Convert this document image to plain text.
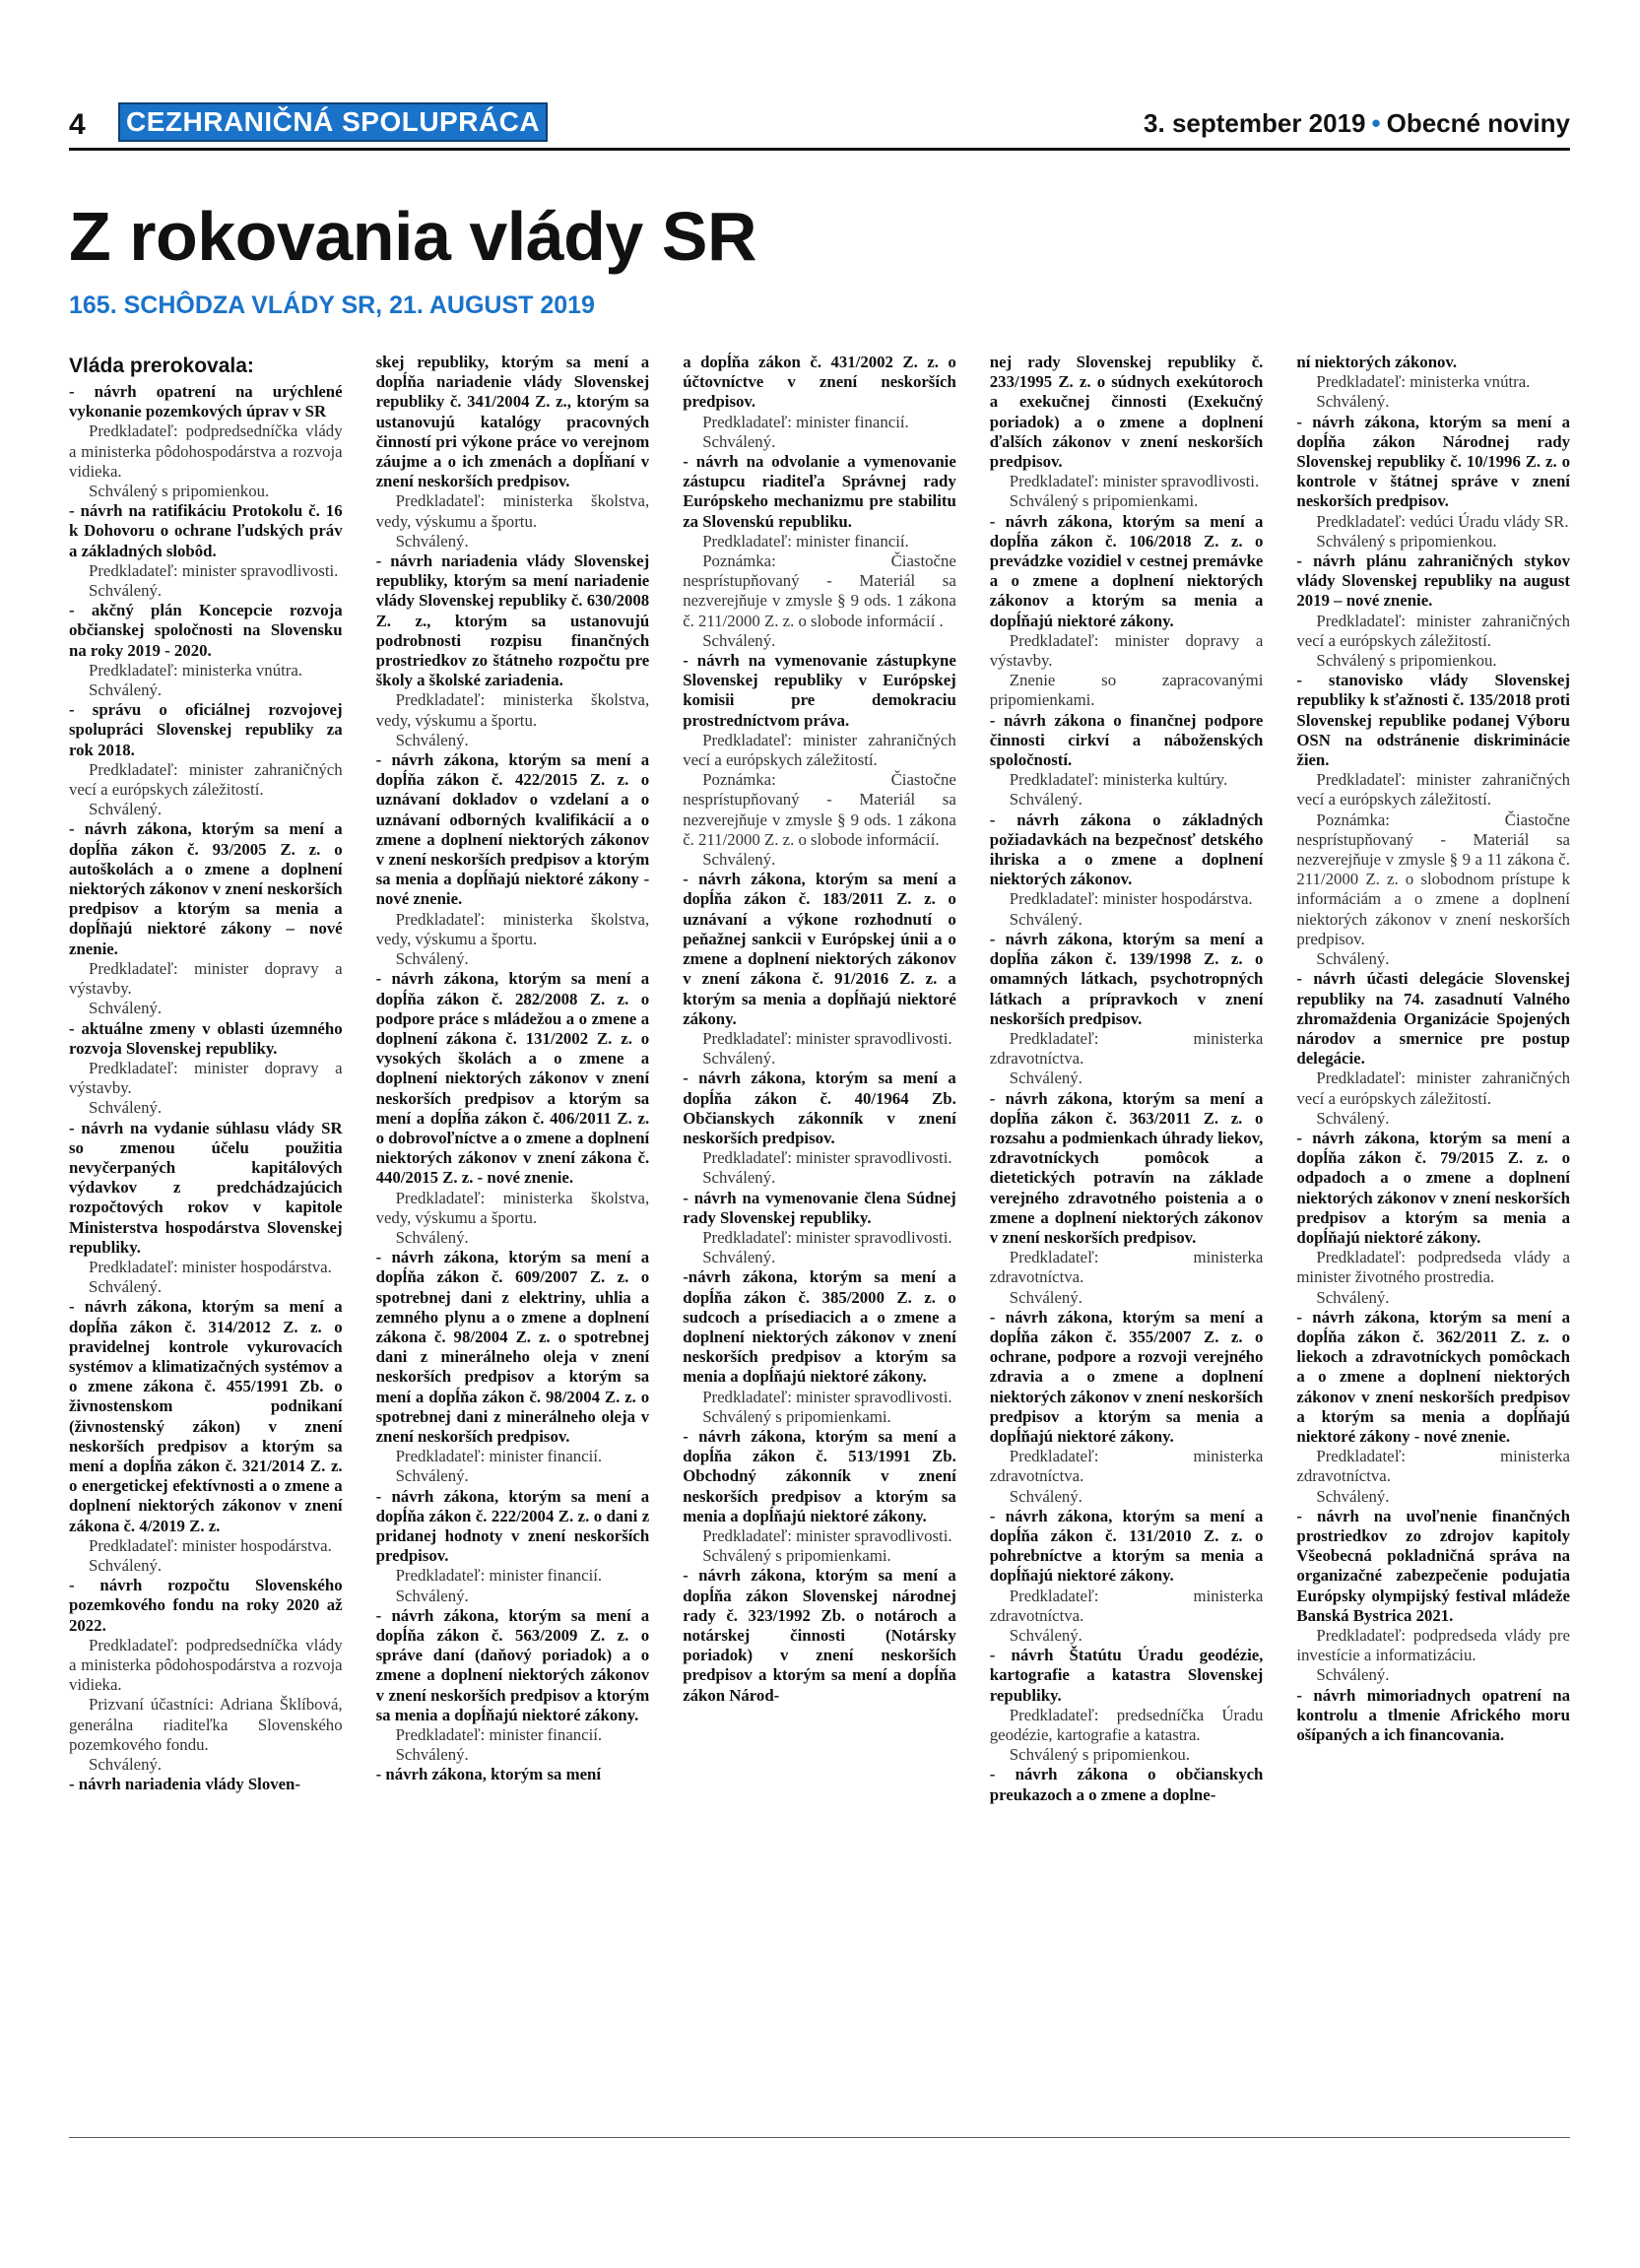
4 CEZHRANIČNÁ SPOLUPRÁCA	3. september 2019 • Obecné noviny
Z rokovania vlády SR
165. SCHÔDZA VLÁDY SR, 21. AUGUST 2019
Vláda prerokovala:

- návrh opatrení na urýchlené vykonanie pozemkových úprav v SR

Predkladateľ: podpredsedníčka vlády a ministerka pôdohospodárstva a rozvoja vidieka.

Schválený s pripomienkou.

- návrh na ratifikáciu Protokolu č. 16 k Dohovoru o ochrane ľudských práv a základných slobôd.

Predkladateľ: minister spravodlivosti.

Schválený.

- akčný plán Koncepcie rozvoja občianskej spoločnosti na Slovensku na roky 2019 - 2020.

Predkladateľ: ministerka vnútra.

Schválený.

- správu o oficiálnej rozvojovej spolupráci Slovenskej republiky za rok 2018.

Predkladateľ: minister zahraničných vecí a európskych záležitostí.

Schválený.

- návrh zákona, ktorým sa mení a dopĺňa zákon č. 93/2005 Z. z. o autoškolách a o zmene a doplnení niektorých zákonov v znení neskorších predpisov a ktorým sa menia a dopĺňajú niektoré zákony – nové znenie.

Predkladateľ: minister dopravy a výstavby.

Schválený.

- aktuálne zmeny v oblasti územného rozvoja Slovenskej republiky.

Predkladateľ: minister dopravy a výstavby.

Schválený.

- návrh na vydanie súhlasu vlády SR so zmenou účelu použitia nevyčerpaných kapitálových výdavkov z predchádzajúcich rozpočtových rokov v kapitole Ministerstva hospodárstva Slovenskej republiky.

Predkladateľ: minister hospodárstva.

Schválený.

- návrh zákona, ktorým sa mení a dopĺňa zákon č. 314/2012 Z. z. o pravidelnej kontrole vykurovacích systémov a klimatizačných systémov a o zmene zákona č. 455/1991 Zb. o živnostenskom podnikaní (živnostenský zákon) v znení neskorších predpisov a ktorým sa mení a dopĺňa zákon č. 321/2014 Z. z. o energetickej efektívnosti a o zmene a doplnení niektorých zákonov v znení zákona č. 4/2019 Z. z.

Predkladateľ: minister hospodárstva.

Schválený.

- návrh rozpočtu Slovenského pozemkového fondu na roky 2020 až 2022.

Predkladateľ: podpredsedníčka vlády a ministerka pôdohospodárstva a rozvoja vidieka.

Prizvaní účastníci: Adriana Šklíbová, generálna riaditeľka Slovenského pozemkového fondu.

Schválený.

- návrh nariadenia vlády Sloven-

skej republiky, ktorým sa mení a dopĺňa nariadenie vlády Slovenskej republiky č. 341/2004 Z. z., ktorým sa ustanovujú katalógy pracovných činností pri výkone práce vo verejnom záujme a o ich zmenách a dopĺňaní v znení neskorších predpisov.

Predkladateľ: ministerka školstva, vedy, výskumu a športu.

Schválený.

- návrh nariadenia vlády Slovenskej republiky, ktorým sa mení nariadenie vlády Slovenskej republiky č. 630/2008 Z. z., ktorým sa ustanovujú podrobnosti rozpisu finančných prostriedkov zo štátneho rozpočtu pre školy a školské zariadenia.

Predkladateľ: ministerka školstva, vedy, výskumu a športu.

Schválený.

- návrh zákona, ktorým sa mení a dopĺňa zákon č. 422/2015 Z. z. o uznávaní dokladov o vzdelaní a o uznávaní odborných kvalifikácií a o zmene a doplnení niektorých zákonov v znení neskorších predpisov a ktorým sa menia a dopĺňajú niektoré zákony - nové znenie.

Predkladateľ: ministerka školstva, vedy, výskumu a športu.

Schválený.

- návrh zákona, ktorým sa mení a dopĺňa zákon č. 282/2008 Z. z. o podpore práce s mládežou a o zmene a doplnení zákona č. 131/2002 Z. z. o vysokých školách a o zmene a doplnení niektorých zákonov v znení neskorších predpisov a ktorým sa mení a dopĺňa zákon č. 406/2011 Z. z. o dobrovoľníctve a o zmene a doplnení niektorých zákonov v znení zákona č. 440/2015 Z. z. - nové znenie.

Predkladateľ: ministerka školstva, vedy, výskumu a športu.

Schválený.

- návrh zákona, ktorým sa mení a dopĺňa zákon č. 609/2007 Z. z. o spotrebnej dani z elektriny, uhlia a zemného plynu a o zmene a doplnení zákona č. 98/2004 Z. z. o spotrebnej dani z minerálneho oleja v znení neskorších predpisov a ktorým sa mení a dopĺňa zákon č. 98/2004 Z. z. o spotrebnej dani z minerálneho oleja v znení neskorších predpisov.

Predkladateľ: minister financií.

Schválený.

- návrh zákona, ktorým sa mení a dopĺňa zákon č. 222/2004 Z. z. o dani z pridanej hodnoty v znení neskorších predpisov.

Predkladateľ: minister financií.

Schválený.

- návrh zákona, ktorým sa mení a dopĺňa zákon č. 563/2009 Z. z. o správe daní (daňový poriadok) a o zmene a doplnení niektorých zákonov v znení neskorších predpisov a ktorým sa menia a dopĺňajú niektoré zákony.

Predkladateľ: minister financií.

Schválený.

- návrh zákona, ktorým sa mení

a dopĺňa zákon č. 431/2002 Z. z. o účtovníctve v znení neskorších predpisov.

Predkladateľ: minister financií.

Schválený.

- návrh na odvolanie a vymenovanie zástupcu riaditeľa Správnej rady Európskeho mechanizmu pre stabilitu za Slovenskú republiku.

Predkladateľ: minister financií.

Poznámka: Čiastočne nesprístupňovaný - Materiál sa nezverejňuje v zmysle § 9 ods. 1 zákona č. 211/2000 Z. z. o slobode informácií .

Schválený.

- návrh na vymenovanie zástupkyne Slovenskej republiky v Európskej komisii pre demokraciu prostredníctvom práva.

Predkladateľ: minister zahraničných vecí a európskych záležitostí.

Poznámka: Čiastočne nesprístupňovaný - Materiál sa nezverejňuje v zmysle § 9 ods. 1 zákona č. 211/2000 Z. z. o slobode informácií.

Schválený.

- návrh zákona, ktorým sa mení a dopĺňa zákon č. 183/2011 Z. z. o uznávaní a výkone rozhodnutí o peňažnej sankcii v Európskej únii a o zmene a doplnení niektorých zákonov v znení zákona č. 91/2016 Z. z. a ktorým sa menia a dopĺňajú niektoré zákony.

Predkladateľ: minister spravodlivosti.

Schválený.

- návrh zákona, ktorým sa mení a dopĺňa zákon č. 40/1964 Zb. Občianskych zákonník v znení neskorších predpisov.

Predkladateľ: minister spravodlivosti.

Schválený.

- návrh na vymenovanie člena Súdnej rady Slovenskej republiky.

Predkladateľ: minister spravodlivosti.

Schválený.

-návrh zákona, ktorým sa mení a dopĺňa zákon č. 385/2000 Z. z. o sudcoch a prísediacich a o zmene a doplnení niektorých zákonov v znení neskorších predpisov a ktorým sa menia a dopĺňajú niektoré zákony.

Predkladateľ: minister spravodlivosti.

Schválený s pripomienkami.

- návrh zákona, ktorým sa mení a dopĺňa zákon č. 513/1991 Zb. Obchodný zákonník v znení neskorších predpisov a ktorým sa menia a dopĺňajú niektoré zákony.

Predkladateľ: minister spravodlivosti.

Schválený s pripomienkami.

- návrh zákona, ktorým sa mení a dopĺňa zákon Slovenskej národnej rady č. 323/1992 Zb. o notároch a notárskej činnosti (Notársky poriadok) v znení neskorších predpisov a ktorým sa mení a dopĺňa zákon Národ-

nej rady Slovenskej republiky č. 233/1995 Z. z. o súdnych exekútoroch a exekučnej činnosti (Exekučný poriadok) a o zmene a doplnení ďalších zákonov v znení neskorších predpisov.

Predkladateľ: minister spravodlivosti.

Schválený s pripomienkami.

- návrh zákona, ktorým sa mení a dopĺňa zákon č. 106/2018 Z. z. o prevádzke vozidiel v cestnej premávke a o zmene a doplnení niektorých zákonov a ktorým sa menia a dopĺňajú niektoré zákony.

Predkladateľ: minister dopravy a výstavby.

Znenie so zapracovanými pripomienkami.

- návrh zákona o finančnej podpore činnosti cirkví a náboženských spoločností.

Predkladateľ: ministerka kultúry.

Schválený.

- návrh zákona o základných požiadavkách na bezpečnosť detského ihriska a o zmene a doplnení niektorých zákonov.

Predkladateľ: minister hospodárstva.

Schválený.

- návrh zákona, ktorým sa mení a dopĺňa zákon č. 139/1998 Z. z. o omamných látkach, psychotropných látkach a prípravkoch v znení neskorších predpisov.

Predkladateľ: ministerka zdravotníctva.

Schválený.

- návrh zákona, ktorým sa mení a dopĺňa zákon č. 363/2011 Z. z. o rozsahu a podmienkach úhrady liekov, zdravotníckych pomôcok a dietetických potravín na základe verejného zdravotného poistenia a o zmene a doplnení niektorých zákonov v znení neskorších predpisov.

Predkladateľ: ministerka zdravotníctva.

Schválený.

- návrh zákona, ktorým sa mení a dopĺňa zákon č. 355/2007 Z. z. o ochrane, podpore a rozvoji verejného zdravia a o zmene a doplnení niektorých zákonov v znení neskorších predpisov a ktorým sa menia a dopĺňajú niektoré zákony.

Predkladateľ: ministerka zdravotníctva.

Schválený.

- návrh zákona, ktorým sa mení a dopĺňa zákon č. 131/2010 Z. z. o pohrebníctve a ktorým sa menia a dopĺňajú niektoré zákony.

Predkladateľ: ministerka zdravotníctva.

Schválený.

- návrh Štatútu Úradu geodézie, kartografie a katastra Slovenskej republiky.

Predkladateľ: predsedníčka Úradu geodézie, kartografie a katastra.

Schválený s pripomienkou.

- návrh zákona o občianskych preukazoch a o zmene a doplne-

ní niektorých zákonov.

Predkladateľ: ministerka vnútra.

Schválený.

- návrh zákona, ktorým sa mení a dopĺňa zákon Národnej rady Slovenskej republiky č. 10/1996 Z. z. o kontrole v štátnej správe v znení neskorších predpisov.

Predkladateľ: vedúci Úradu vlády SR.

Schválený s pripomienkou.

- návrh plánu zahraničných stykov vlády Slovenskej republiky na august 2019 – nové znenie.

Predkladateľ: minister zahraničných vecí a európskych záležitostí.

Schválený s pripomienkou.

- stanovisko vlády Slovenskej republiky k sťažnosti č. 135/2018 proti Slovenskej republike podanej Výboru OSN na odstránenie diskriminácie žien.

Predkladateľ: minister zahraničných vecí a európskych záležitostí.

Poznámka: Čiastočne nesprístupňovaný - Materiál sa nezverejňuje v zmysle § 9 a 11 zákona č. 211/2000 Z. z. o slobodnom prístupe k informáciám a o zmene a doplnení niektorých zákonov v znení neskorších predpisov.

Schválený.

- návrh účasti delegácie Slovenskej republiky na 74. zasadnutí Valného zhromaždenia Organizácie Spojených národov a smernice pre postup delegácie.

Predkladateľ: minister zahraničných vecí a európskych záležitostí.

Schválený.

- návrh zákona, ktorým sa mení a dopĺňa zákon č. 79/2015 Z. z. o odpadoch a o zmene a doplnení niektorých zákonov v znení neskorších predpisov a ktorým sa menia a dopĺňajú niektoré zákony.

Predkladateľ: podpredseda vlády a minister životného prostredia.

Schválený.

- návrh zákona, ktorým sa mení a dopĺňa zákon č. 362/2011 Z. z. o liekoch a zdravotníckych pomôckach a o zmene a doplnení niektorých zákonov v znení neskorších predpisov a ktorým sa menia a dopĺňajú niektoré zákony - nové znenie.

Predkladateľ: ministerka zdravotníctva.

Schválený.

- návrh na uvoľnenie finančných prostriedkov zo zdrojov kapitoly Všeobecná pokladničná správa na organizačné zabezpečenie podujatia Európsky olympijský festival mládeže Banská Bystrica 2021.

Predkladateľ: podpredseda vlády pre investície a informatizáciu.

Schválený.

- návrh mimoriadnych opatrení na kontrolu a tlmenie Afrického moru ošípaných a ich financovania.
